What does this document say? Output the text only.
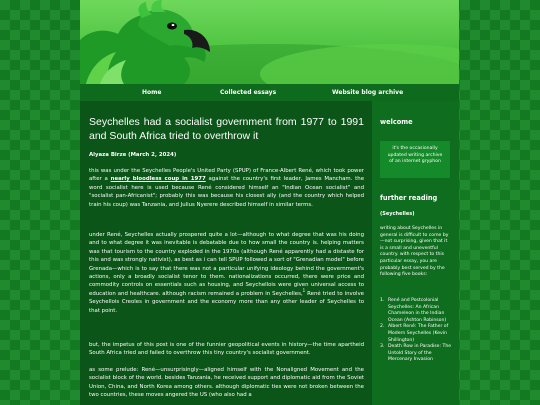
Home	Collected essays	Website blog archive
Seychelles had a socialist government from 1977 to 1991 and South Africa tried to overthrow it

Alyaza Birze (March 2, 2024)

this was under the Seychelles People's United Party (SPUP) of France-Albert René, which took power after a nearly bloodless coup in 1977 against the country's first leader, James Mancham. the word socialist here is used because René considered himself an "Indian Ocean socialist" and "socialist pan-Africanist"; probably this was because his closest ally (and the country which helped train his coup) was Tanzania, and Julius Nyerere described himself in similar terms.

under René, Seychelles actually prospered quite a lot—although to what degree that was his doing and to what degree it was inevitable is debatable due to how small the country is. helping matters was that tourism to the country exploded in the 1970s (although René apparently had a distaste for this and was strongly nativist), as best as i can tell SPUP followed a sort of "Grenadian model" before Grenada—which is to say that there was not a particular unifying ideology behind the government's actions, only a broadly socialist tenor to them. nationalizations occurred, there were price and commodity controls on essentials such as housing, and Seychellois were given universal access to education and healthcare. although racism remained a problem in Seychelles,$^1$ René tried to involve Seychellois Creoles in government and the economy more than any other leader of Seychelles to that point.

but, the impetus of this post is one of the funnier geopolitical events in history—the time apartheid South Africa tried and failed to overthrow this tiny country's socialist government.

as some prelude: René—unsurprisingly—aligned himself with the Nonaligned Movement and the socialist block of the world. besides Tanzania, he received support and diplomatic aid from the Soviet Union, China, and North Korea among others. although diplomatic ties were not broken between the two countries, these moves angered the US (who also had a

welcome

it's the occasionally updated writing archive of an internet gryphon

further reading

(Seychelles)

writing about Seychelles in general is difficult to come by—not surprising, given that it is a small and uneventful country. with respect to this particular essay, you are probably best served by the following five books:

1. René and Postcolonial Seychelles: An African Chameleon in the Indian Ocean (Ashton Robinson)
2. Albert René: The Father of Modern Seychelles (Kevin Shillington)
3. Death Row in Paradise: The Untold Story of the Mercenary Invasion
